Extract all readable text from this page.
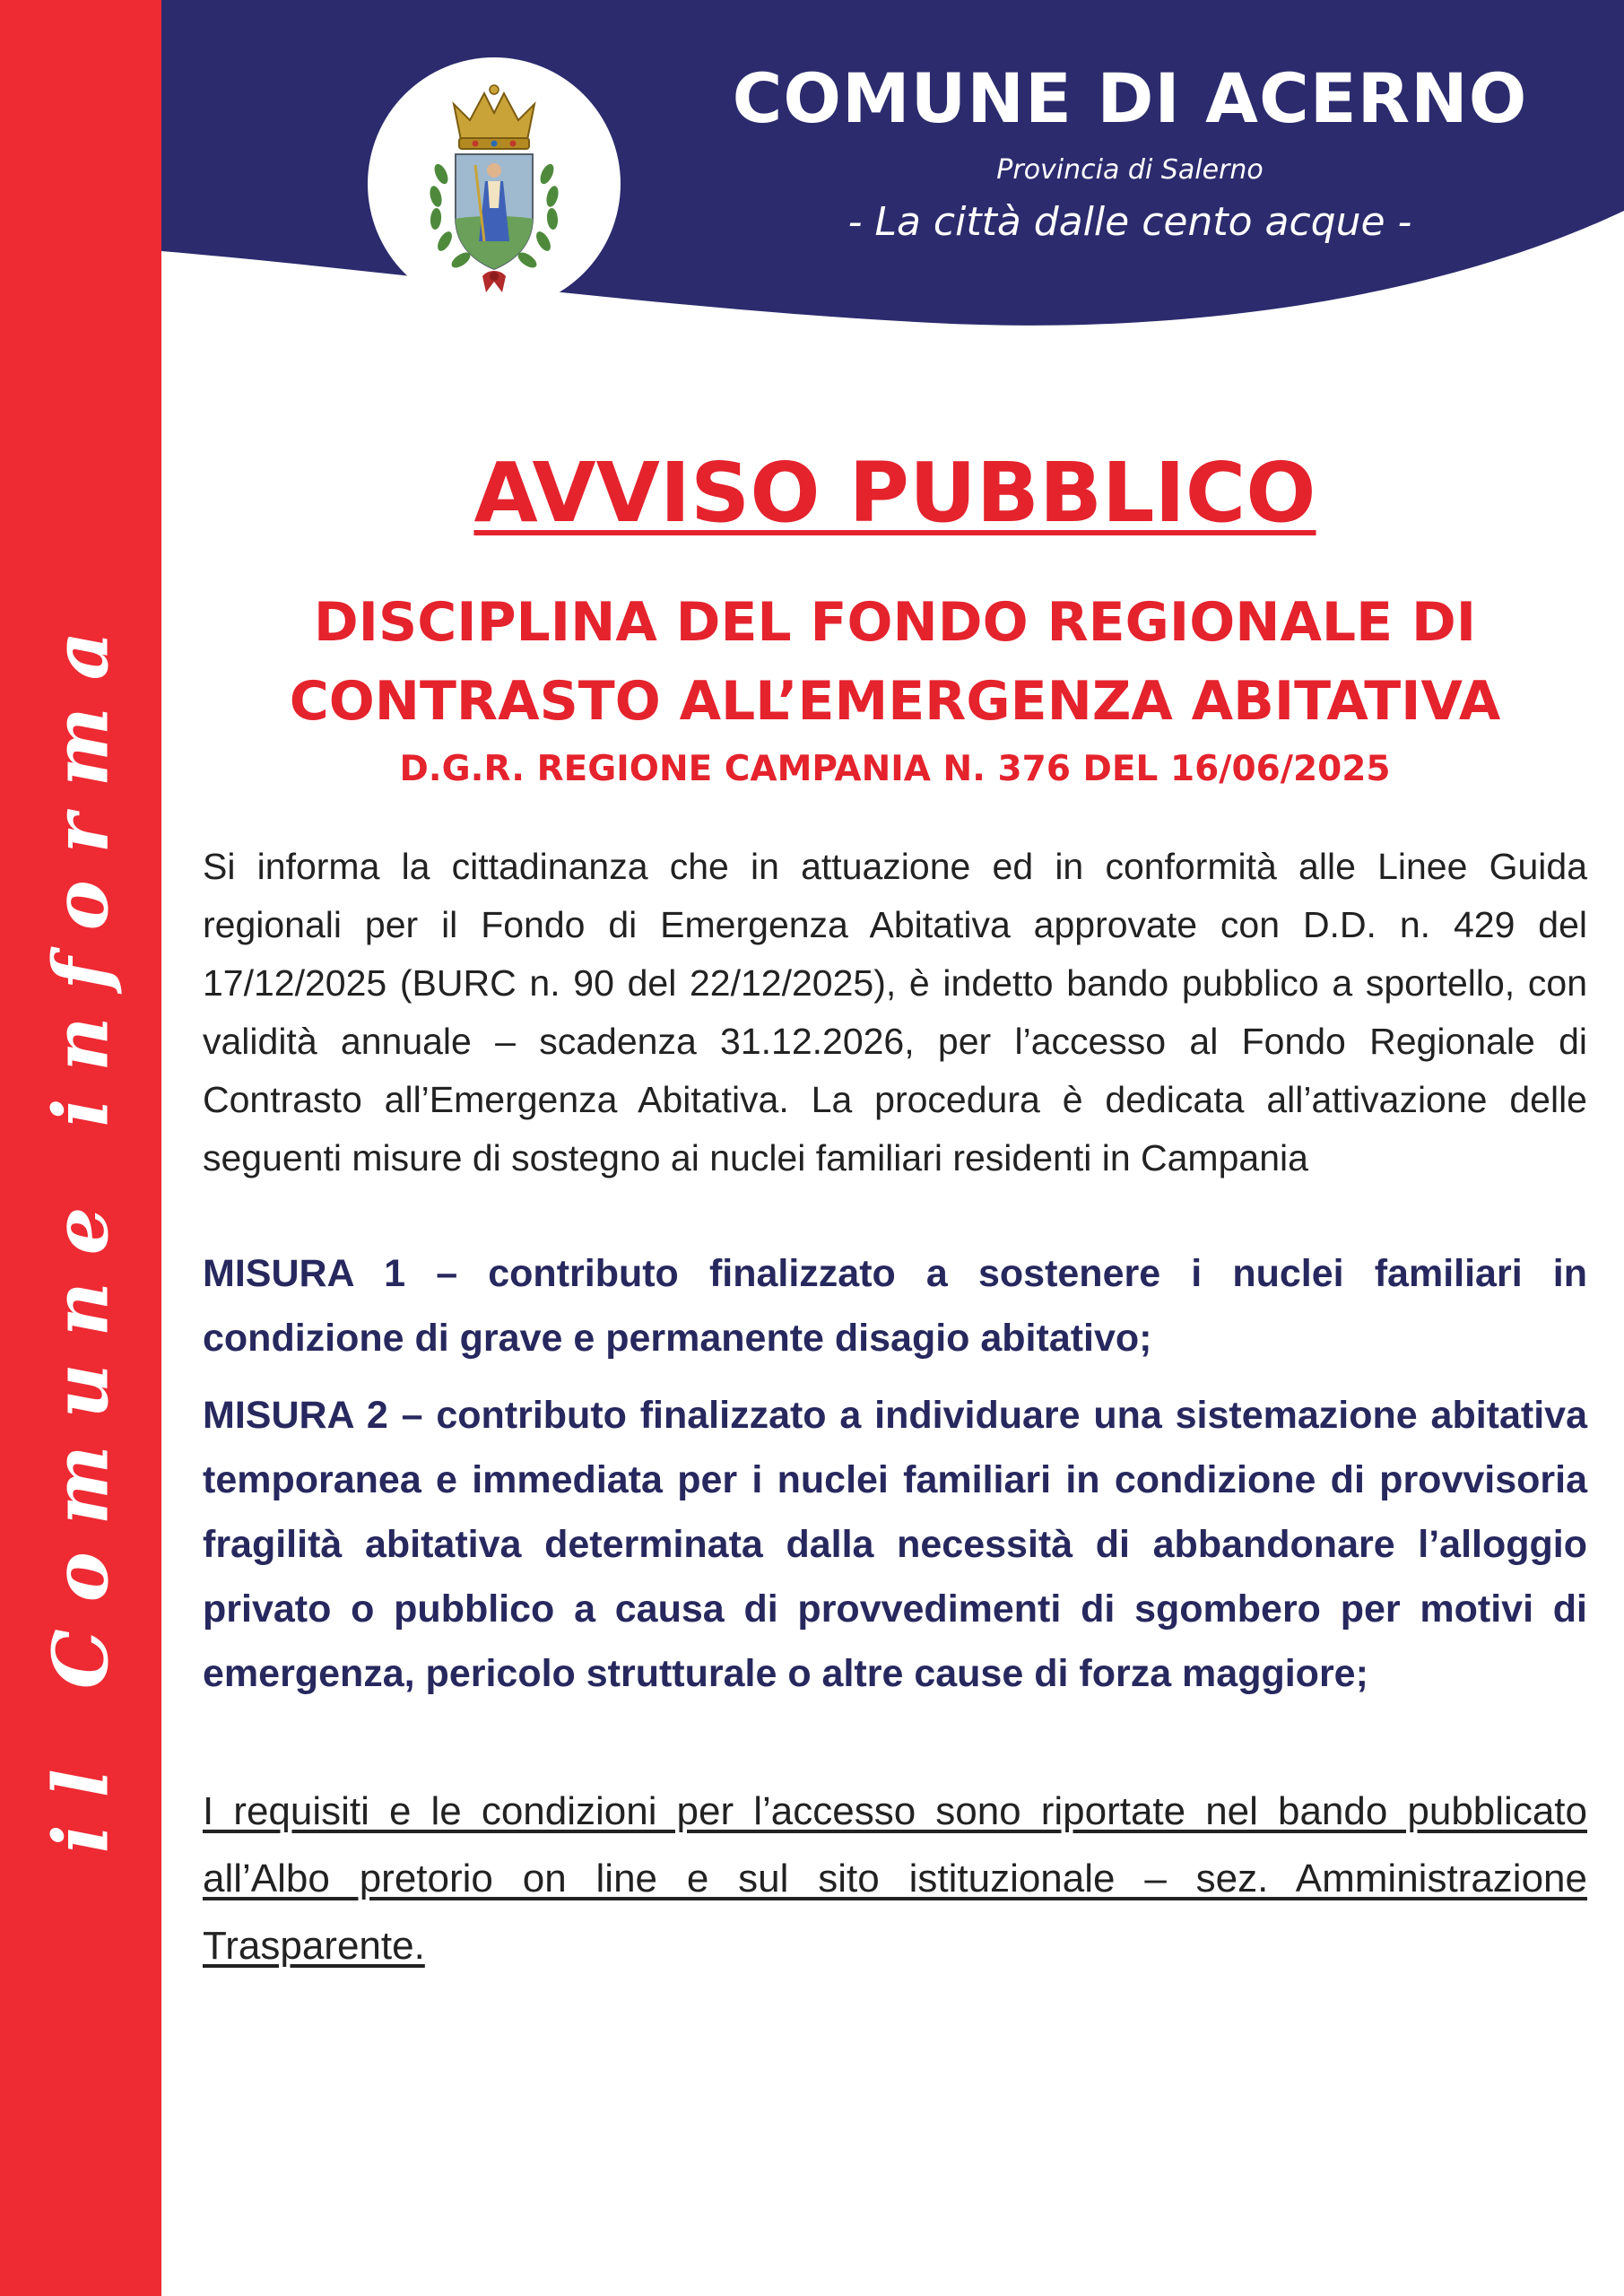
il Comune informa
COMUNE DI ACERNO
Provincia di Salerno
- La città dalle cento acque -
AVVISO PUBBLICO
DISCIPLINA DEL FONDO REGIONALE DI
CONTRASTO ALL’EMERGENZA ABITATIVA
D.G.R. REGIONE CAMPANIA N. 376 DEL 16/06/2025
Si informa la cittadinanza che in attuazione ed in conformità alle Linee Guida regionali per il Fondo di Emergenza Abitativa approvate con D.D. n. 429 del 17/12/2025 (BURC n. 90 del 22/12/2025), è indetto bando pubblico a sportello, con validità annuale – scadenza 31.12.2026, per l’accesso al Fondo Regionale di Contrasto all’Emergenza Abitativa. La procedura è dedicata all’attivazione delle seguenti misure di sostegno ai nuclei familiari residenti in Campania

MISURA 1 – contributo finalizzato a sostenere i nuclei familiari in condizione di grave e permanente disagio abitativo;

MISURA 2 – contributo finalizzato a individuare una sistemazione abitativa temporanea e immediata per i nuclei familiari in condizione di provvisoria fragilità abitativa determinata dalla necessità di abbandonare l’alloggio privato o pubblico a causa di provvedimenti di sgombero per motivi di emergenza, pericolo strutturale o altre cause di forza maggiore;

I requisiti e le condizioni per l’accesso sono riportate nel bando pubblicato all’Albo pretorio on line e sul sito istituzionale – sez. Amministrazione Trasparente.
